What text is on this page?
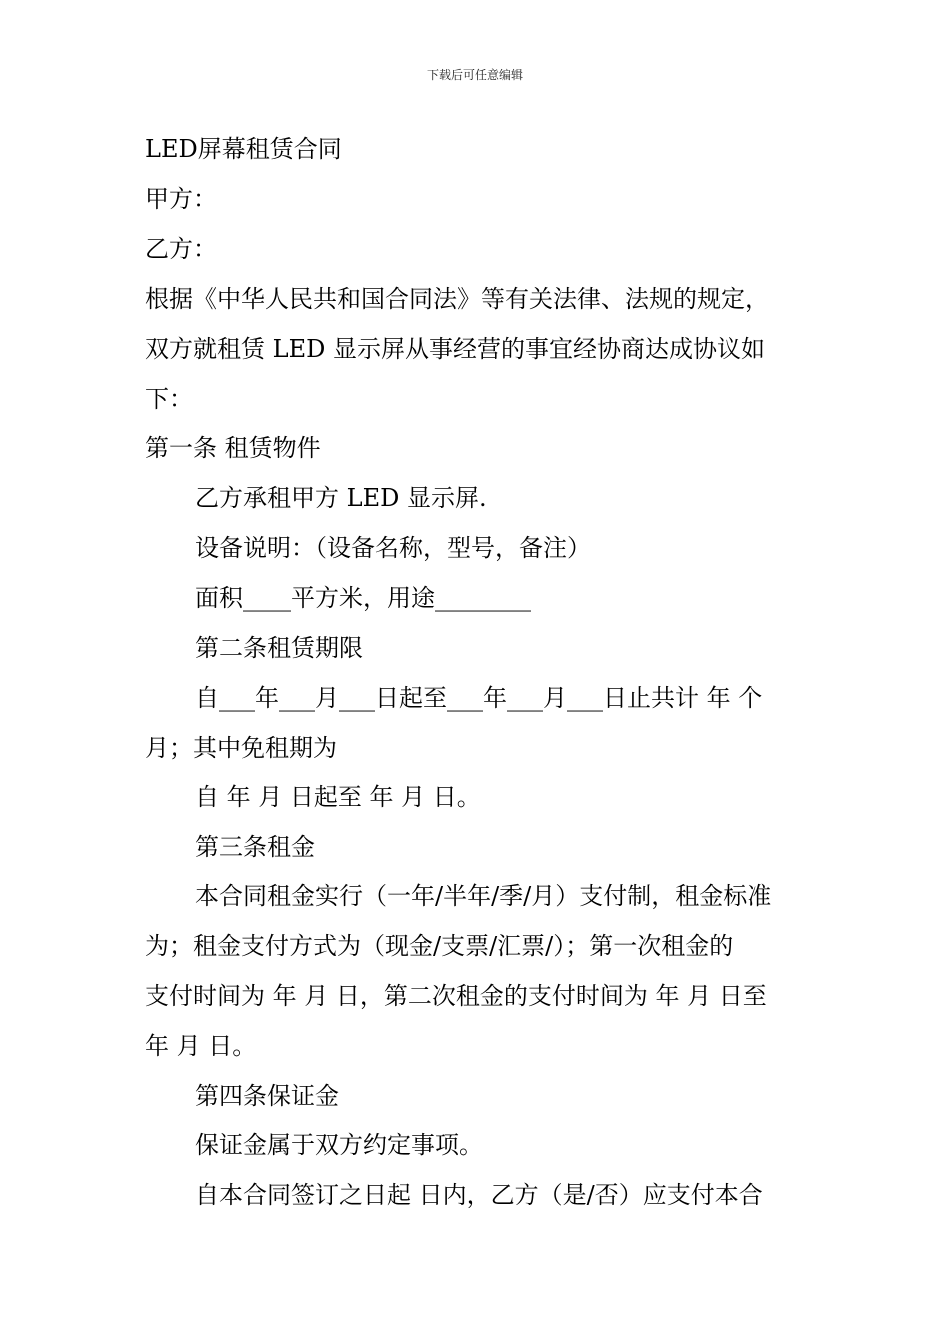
下载后可任意编辑
LED屏幕租赁合同
甲方：
乙方：
根据《中华人民共和国合同法》等有关法律、法规的规定，
双方就租赁 LED 显示屏从事经营的事宜经协商达成协议如
下：
第一条 租赁物件
乙方承租甲方 LED 显示屏.
设备说明：（设备名称，型号，备注）
面积____平方米，用途________
第二条租赁期限
自___年___月___日起至___年___月___日止共计 年 个
月；其中免租期为
自 年 月 日起至 年 月 日。
第三条租金
本合同租金实行（一年/半年/季/月）支付制，租金标准
为；租金支付方式为（现金/支票/汇票/）；第一次租金的
支付时间为 年 月 日，第二次租金的支付时间为 年 月 日至
年 月 日。
第四条保证金
保证金属于双方约定事项。
自本合同签订之日起 日内，乙方（是/否）应支付本合
